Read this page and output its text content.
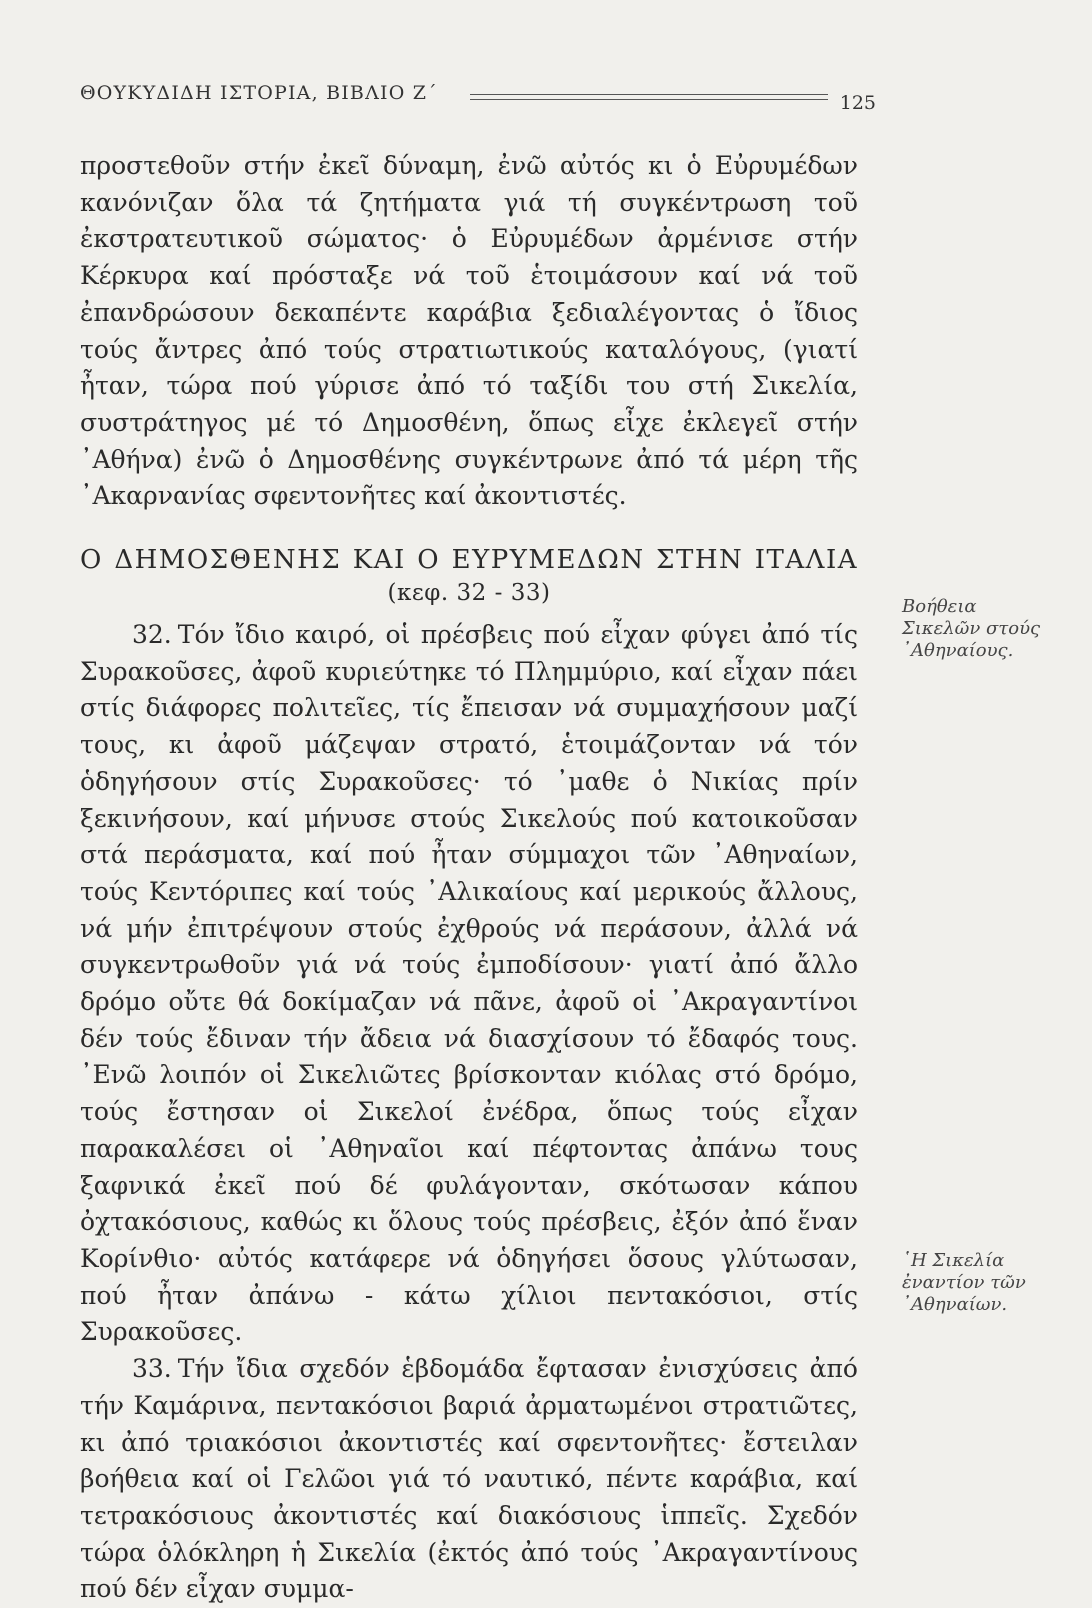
ΘΟΥΚΥΔΙΔΗ ΙΣΤΟΡΙΑ, ΒΙΒΛΙΟ Ζ΄	125

προστεθοῦν στήν ἐκεῖ δύναμη, ἐνῶ αὐτός κι ὁ Εὐρυμέδων κανόνιζαν ὅλα τά ζητήματα γιά τή συγκέντρωση τοῦ ἐκστρατευτικοῦ σώματος· ὁ Εὐρυμέδων ἀρμένισε στήν Κέρκυρα καί πρόσταξε νά τοῦ ἑτοιμάσουν καί νά τοῦ ἐπανδρώσουν δεκαπέντε καράβια ξεδιαλέγοντας ὁ ἴδιος τούς ἄντρες ἀπό τούς στρατιωτικούς καταλόγους, (γιατί ἦταν, τώρα πού γύρισε ἀπό τό ταξίδι του στή Σικελία, συστράτηγος μέ τό Δημοσθένη, ὅπως εἶχε ἐκλεγεῖ στήν ᾿Αθήνα) ἐνῶ ὁ Δημοσθένης συγκέντρωνε ἀπό τά μέρη τῆς ᾿Ακαρνανίας σφεντονῆτες καί ἀκοντιστές.

Ο ΔΗΜΟΣΘΕΝΗΣ ΚΑΙ Ο ΕΥΡΥΜΕΔΩΝ ΣΤΗΝ ΙΤΑΛΙΑ
(κεφ. 32 - 33)

32. Τόν ἴδιο καιρό, οἱ πρέσβεις πού εἶχαν φύγει ἀπό τίς Συρακοῦσες, ἀφοῦ κυριεύτηκε τό Πλημμύριο, καί εἶχαν πάει στίς διάφορες πολιτεῖες, τίς ἔπεισαν νά συμμαχήσουν μαζί τους, κι ἀφοῦ μάζεψαν στρατό, ἑτοιμάζονταν νά τόν ὁδηγήσουν στίς Συρακοῦσες· τό ᾿μαθε ὁ Νικίας πρίν ξεκινήσουν, καί μήνυσε στούς Σικελούς πού κατοικοῦσαν στά περάσματα, καί πού ἦταν σύμμαχοι τῶν ᾿Αθηναίων, τούς Κεντόριπες καί τούς ᾿Αλικαίους καί μερικούς ἄλλους, νά μήν ἐπιτρέψουν στούς ἐχθρούς νά περάσουν, ἀλλά νά συγκεντρωθοῦν γιά νά τούς ἐμποδίσουν· γιατί ἀπό ἄλλο δρόμο οὔτε θά δοκίμαζαν νά πᾶνε, ἀφοῦ οἱ ᾿Ακραγαντίνοι δέν τούς ἔδιναν τήν ἄδεια νά διασχίσουν τό ἔδαφός τους. ᾿Ενῶ λοιπόν οἱ Σικελιῶτες βρίσκονταν κιόλας στό δρόμο, τούς ἔστησαν οἱ Σικελοί ἐνέδρα, ὅπως τούς εἶχαν παρακαλέσει οἱ ᾿Αθηναῖοι καί πέφτοντας ἀπάνω τους ξαφνικά ἐκεῖ πού δέ φυλάγονταν, σκότωσαν κάπου ὀχτακόσιους, καθώς κι ὅλους τούς πρέσβεις, ἐξόν ἀπό ἕναν Κορίνθιο· αὐτός κατάφερε νά ὁδηγήσει ὅσους γλύτωσαν, πού ἦταν ἀπάνω - κάτω χίλιοι πεντακόσιοι, στίς Συρακοῦσες.

33. Τήν ἴδια σχεδόν ἑβδομάδα ἔφτασαν ἐνισχύσεις ἀπό τήν Καμάρινα, πεντακόσιοι βαριά ἀρματωμένοι στρατιῶτες, κι ἀπό τριακόσιοι ἀκοντιστές καί σφεντονῆτες· ἔστειλαν βοήθεια καί οἱ Γελῶοι γιά τό ναυτικό, πέντε καράβια, καί τετρακόσιους ἀκοντιστές καί διακόσιους ἱππεῖς. Σχεδόν τώρα ὁλόκληρη ἡ Σικελία (ἐκτός ἀπό τούς ᾿Ακραγαντίνους πού δέν εἶχαν συμμα-

Βοήθεια Σικελῶν στούς ᾿Αθηναίους.
῾Η Σικελία ἐναντίον τῶν ᾿Αθηναίων.
